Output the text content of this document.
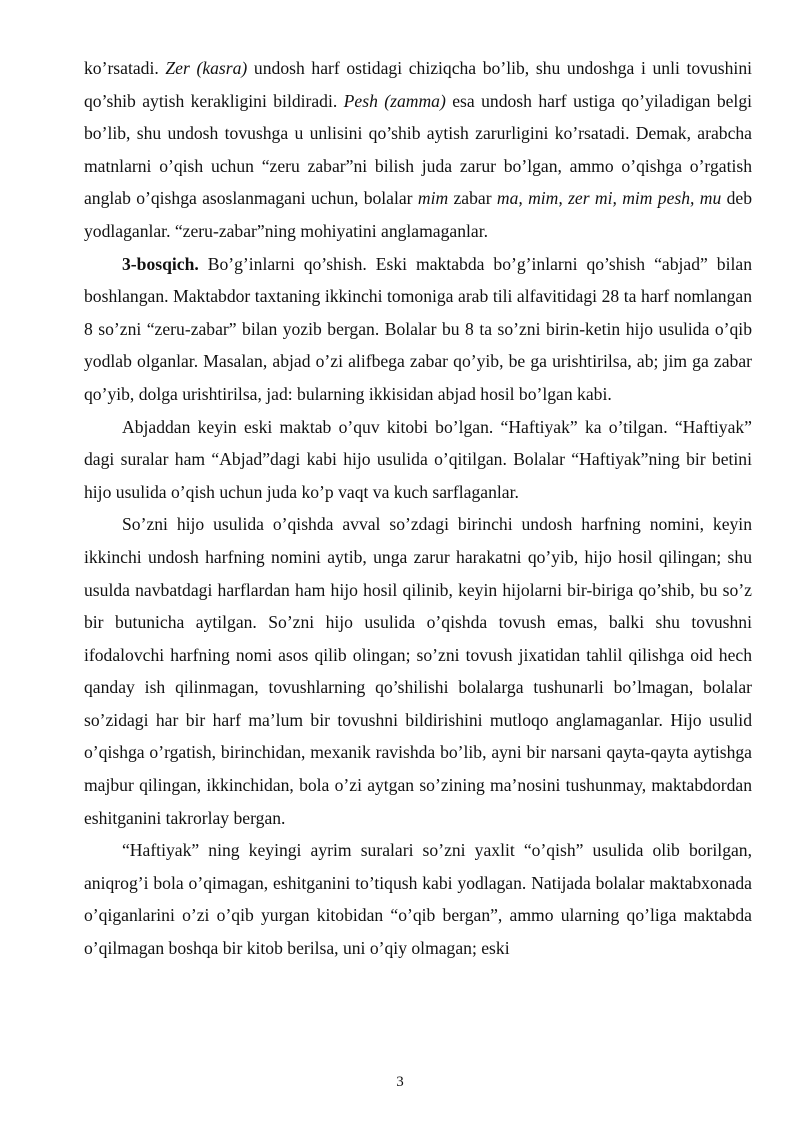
ko’rsatadi. Zer (kasra) undosh harf ostidagi chiziqcha bo’lib, shu undoshga i unli tovushini qo’shib aytish kerakligini bildiradi. Pesh (zamma) esa undosh harf ustiga qo’yiladigan belgi bo’lib, shu undosh tovushga u unlisini qo’shib aytish zarurligini ko’rsatadi. Demak, arabcha matnlarni o’qish uchun “zeru zabar”ni bilish juda zarur bo’lgan, ammo o’qishga o’rgatish anglab o’qishga asoslanmagani uchun, bolalar mim zabar ma, mim, zer mi, mim pesh, mu deb yodlaganlar. “zeru-zabar”ning mohiyatini anglamaganlar.

3-bosqich. Bo’g’inlarni qo’shish. Eski maktabda bo’g’inlarni qo’shish “abjad” bilan boshlangan. Maktabdor taxtaning ikkinchi tomoniga arab tili alfavitidagi 28 ta harf nomlangan 8 so’zni “zeru-zabar” bilan yozib bergan. Bolalar bu 8 ta so’zni birin-ketin hijo usulida o’qib yodlab olganlar. Masalan, abjad o’zi alifbega zabar qo’yib, be ga urishtirilsa, ab; jim ga zabar qo’yib, dolga urishtirilsa, jad: bularning ikkisidan abjad hosil bo’lgan kabi.

Abjaddan keyin eski maktab o’quv kitobi bo’lgan. “Haftiyak” ka o’tilgan. “Haftiyak” dagi suralar ham “Abjad”dagi kabi hijo usulida o’qitilgan. Bolalar “Haftiyak”ning bir betini hijo usulida o’qish uchun juda ko’p vaqt va kuch sarflaganlar.

So’zni hijo usulida o’qishda avval so’zdagi birinchi undosh harfning nomini, keyin ikkinchi undosh harfning nomini aytib, unga zarur harakatni qo’yib, hijo hosil qilingan; shu usulda navbatdagi harflardan ham hijo hosil qilinib, keyin hijolarni bir-biriga qo’shib, bu so’z bir butunicha aytilgan. So’zni hijo usulida o’qishda tovush emas, balki shu tovushni ifodalovchi harfning nomi asos qilib olingan; so’zni tovush jixatidan tahlil qilishga oid hech qanday ish qilinmagan, tovushlarning qo’shilishi bolalarga tushunarli bo’lmagan, bolalar so’zidagi har bir harf ma’lum bir tovushni bildirishini mutloqo anglamaganlar. Hijo usulid o’qishga o’rgatish, birinchidan, mexanik ravishda bo’lib, ayni bir narsani qayta-qayta aytishga majbur qilingan, ikkinchidan, bola o’zi aytgan so’zining ma’nosini tushunmay, maktabdordan eshitganini takrorlay bergan.

“Haftiyak” ning keyingi ayrim suralari so’zni yaxlit “o’qish” usulida olib borilgan, aniqrog’i bola o’qimagan, eshitganini to’tiqush kabi yodlagan. Natijada bolalar maktabxonada o’qiganlarini o’zi o’qib yurgan kitobidan “o’qib bergan”, ammo ularning qo’liga maktabda o’qilmagan boshqa bir kitob berilsa, uni o’qiy olmagan; eski

3
